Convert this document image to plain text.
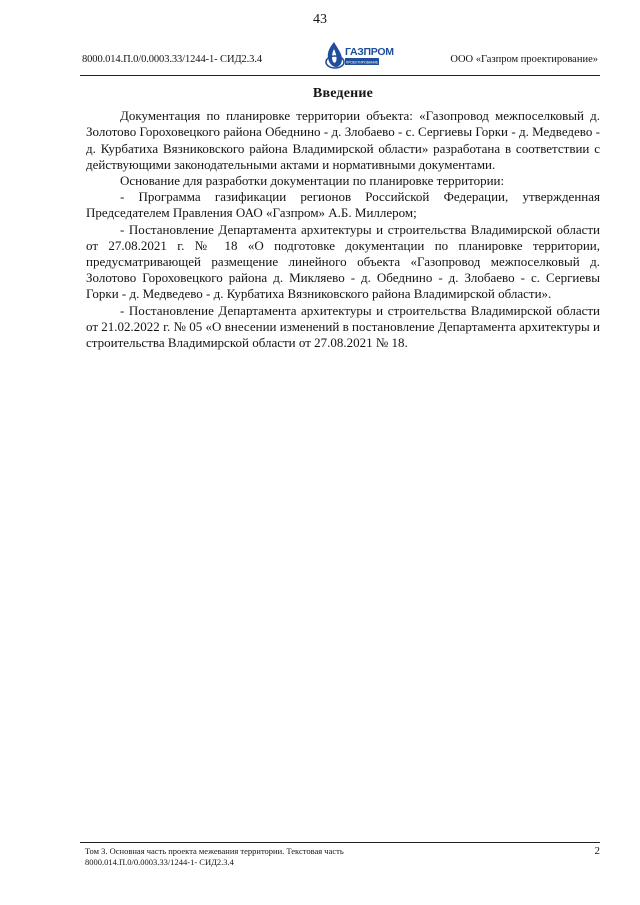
43
8000.014.П.0/0.0003.33/1244-1- СИД2.3.4
ГАЗПРОМ
ПРОЕКТИРОВАНИЕ	ООО «Газпром проектирование»
Введение

Документация по планировке территории объекта: «Газопровод межпоселковый д. Золотово Гороховецкого района Обеднино - д. Злобаево - с. Сергиевы Горки - д. Медведево - д. Курбатиха Вязниковского района Владимирской области» разработана в соответствии с действующими законодательными актами и нормативными документами.

Основание для разработки документации по планировке территории:

- Программа газификации регионов Российской Федерации, утвержденная Председателем Правления ОАО «Газпром» А.Б. Миллером;

- Постановление Департамента архитектуры и строительства Владимирской области от 27.08.2021 г. № 18 «О подготовке документации по планировке территории, предусматривающей размещение линейного объекта «Газопровод межпоселковый д. Золотово Гороховецкого района д. Микляево - д. Обеднино - д. Злобаево - с. Сергиевы Горки - д. Медведево - д. Курбатиха Вязниковского района Владимирской области».

- Постановление Департамента архитектуры и строительства Владимирской области от 21.02.2022 г. № 05 «О внесении изменений в постановление Департамента архитектуры и строительства Владимирской области от 27.08.2021 № 18.

Том 3. Основная часть проекта межевания территории. Текстовая часть
8000.014.П.0/0.0003.33/1244-1- СИД2.3.4
2
